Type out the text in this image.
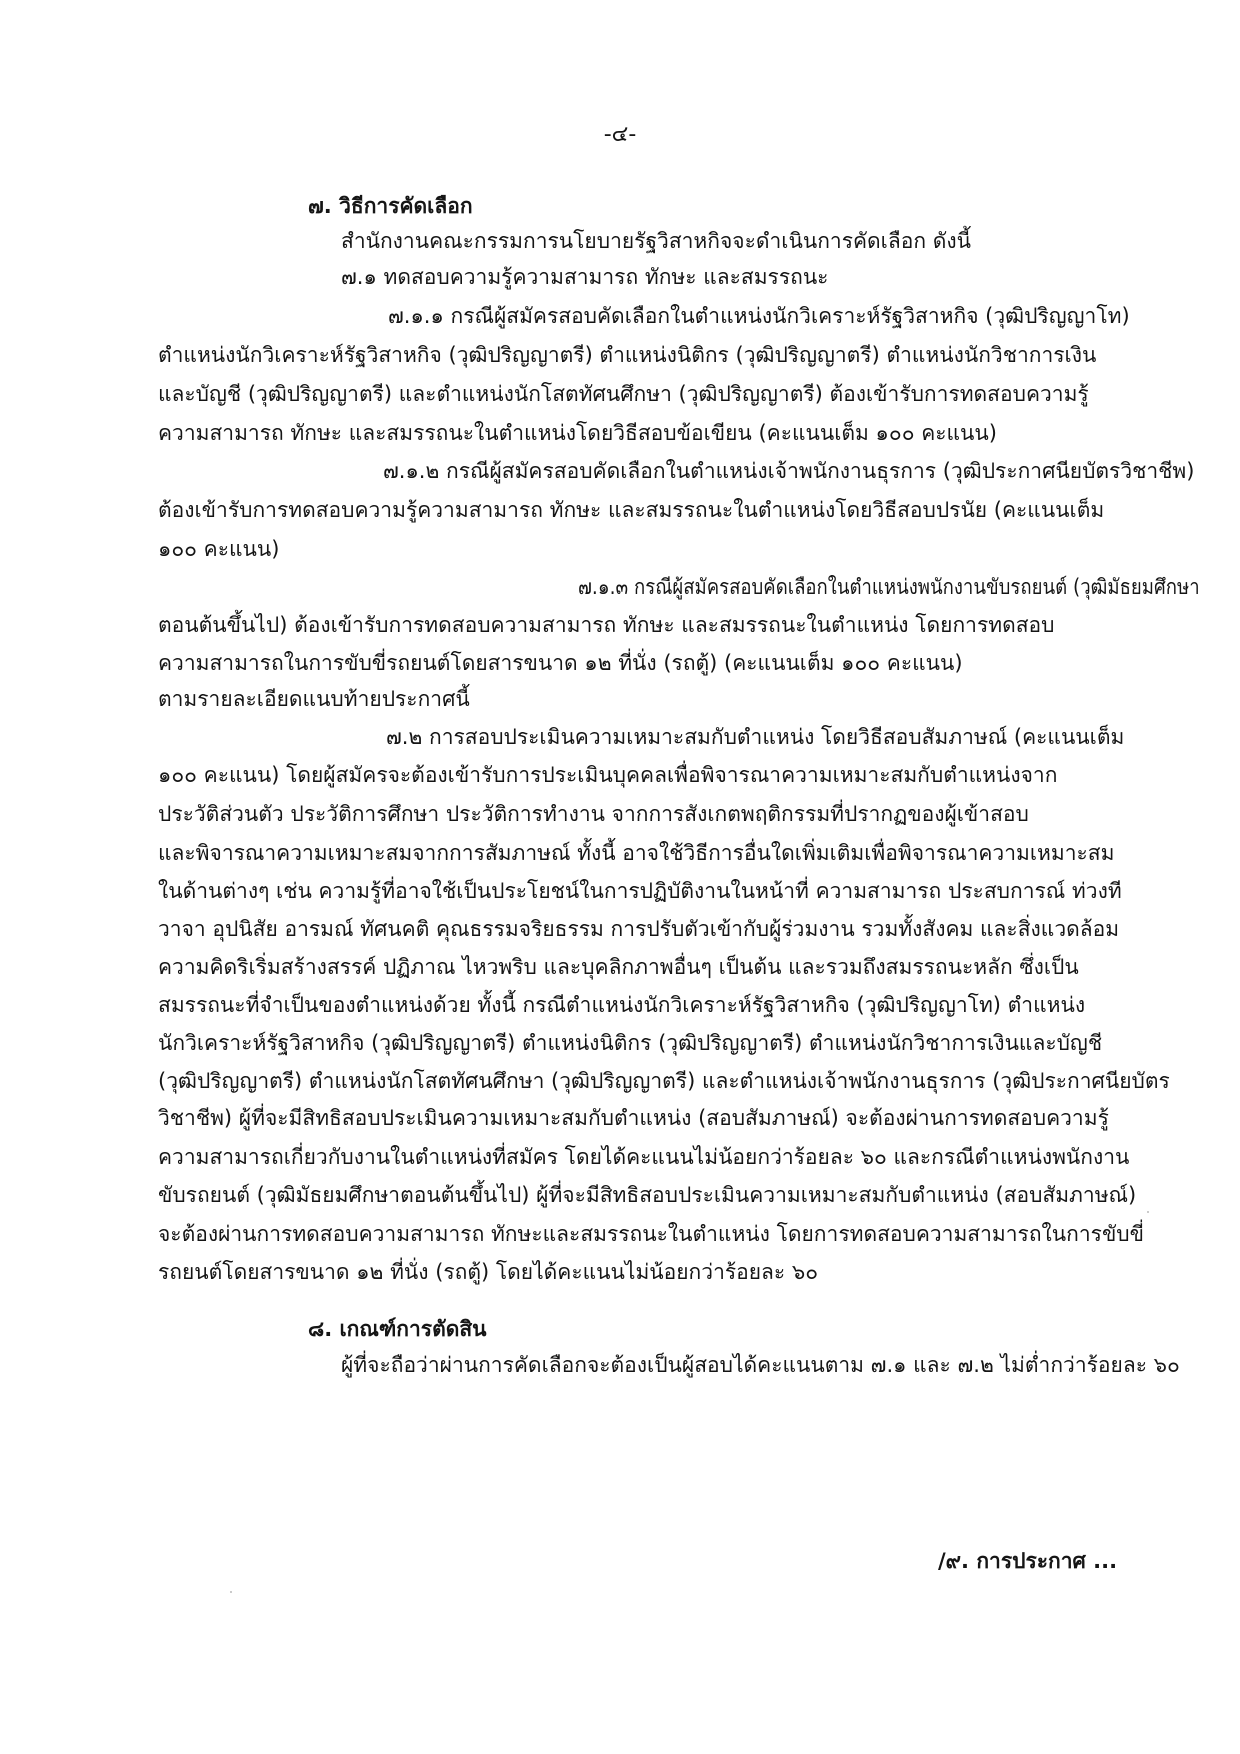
-๔-
๗. วิธีการคัดเลือก
สำนักงานคณะกรรมการนโยบายรัฐวิสาหกิจจะดำเนินการคัดเลือก ดังนี้
๗.๑ ทดสอบความรู้ความสามารถ ทักษะ และสมรรถนะ
๗.๑.๑ กรณีผู้สมัครสอบคัดเลือกในตำแหน่งนักวิเคราะห์รัฐวิสาหกิจ (วุฒิปริญญาโท)
ตำแหน่งนักวิเคราะห์รัฐวิสาหกิจ (วุฒิปริญญาตรี) ตำแหน่งนิติกร (วุฒิปริญญาตรี) ตำแหน่งนักวิชาการเงิน
และบัญชี (วุฒิปริญญาตรี) และตำแหน่งนักโสตทัศนศึกษา (วุฒิปริญญาตรี) ต้องเข้ารับการทดสอบความรู้
ความสามารถ ทักษะ และสมรรถนะในตำแหน่งโดยวิธีสอบข้อเขียน (คะแนนเต็ม ๑๐๐ คะแนน)
๗.๑.๒ กรณีผู้สมัครสอบคัดเลือกในตำแหน่งเจ้าพนักงานธุรการ (วุฒิประกาศนียบัตรวิชาชีพ)
ต้องเข้ารับการทดสอบความรู้ความสามารถ ทักษะ และสมรรถนะในตำแหน่งโดยวิธีสอบปรนัย (คะแนนเต็ม
๑๐๐ คะแนน)
๗.๑.๓ กรณีผู้สมัครสอบคัดเลือกในตำแหน่งพนักงานขับรถยนต์ (วุฒิมัธยมศึกษา
ตอนต้นขึ้นไป) ต้องเข้ารับการทดสอบความสามารถ ทักษะ และสมรรถนะในตำแหน่ง โดยการทดสอบ
ความสามารถในการขับขี่รถยนต์โดยสารขนาด ๑๒ ที่นั่ง (รถตู้) (คะแนนเต็ม ๑๐๐ คะแนน)
ตามรายละเอียดแนบท้ายประกาศนี้
๗.๒ การสอบประเมินความเหมาะสมกับตำแหน่ง โดยวิธีสอบสัมภาษณ์ (คะแนนเต็ม
๑๐๐ คะแนน) โดยผู้สมัครจะต้องเข้ารับการประเมินบุคคลเพื่อพิจารณาความเหมาะสมกับตำแหน่งจาก
ประวัติส่วนตัว ประวัติการศึกษา ประวัติการทำงาน จากการสังเกตพฤติกรรมที่ปรากฏของผู้เข้าสอบ
และพิจารณาความเหมาะสมจากการสัมภาษณ์ ทั้งนี้ อาจใช้วิธีการอื่นใดเพิ่มเติมเพื่อพิจารณาความเหมาะสม
ในด้านต่างๆ เช่น ความรู้ที่อาจใช้เป็นประโยชน์ในการปฏิบัติงานในหน้าที่ ความสามารถ ประสบการณ์ ท่วงที
วาจา อุปนิสัย อารมณ์ ทัศนคติ คุณธรรมจริยธรรม การปรับตัวเข้ากับผู้ร่วมงาน รวมทั้งสังคม และสิ่งแวดล้อม
ความคิดริเริ่มสร้างสรรค์ ปฏิภาณ ไหวพริบ และบุคลิกภาพอื่นๆ เป็นต้น และรวมถึงสมรรถนะหลัก ซึ่งเป็น
สมรรถนะที่จำเป็นของตำแหน่งด้วย ทั้งนี้ กรณีตำแหน่งนักวิเคราะห์รัฐวิสาหกิจ (วุฒิปริญญาโท) ตำแหน่ง
นักวิเคราะห์รัฐวิสาหกิจ (วุฒิปริญญาตรี) ตำแหน่งนิติกร (วุฒิปริญญาตรี) ตำแหน่งนักวิชาการเงินและบัญชี
(วุฒิปริญญาตรี) ตำแหน่งนักโสตทัศนศึกษา (วุฒิปริญญาตรี) และตำแหน่งเจ้าพนักงานธุรการ (วุฒิประกาศนียบัตร
วิชาชีพ) ผู้ที่จะมีสิทธิสอบประเมินความเหมาะสมกับตำแหน่ง (สอบสัมภาษณ์) จะต้องผ่านการทดสอบความรู้
ความสามารถเกี่ยวกับงานในตำแหน่งที่สมัคร โดยได้คะแนนไม่น้อยกว่าร้อยละ ๖๐ และกรณีตำแหน่งพนักงาน
ขับรถยนต์ (วุฒิมัธยมศึกษาตอนต้นขึ้นไป) ผู้ที่จะมีสิทธิสอบประเมินความเหมาะสมกับตำแหน่ง (สอบสัมภาษณ์)
จะต้องผ่านการทดสอบความสามารถ ทักษะและสมรรถนะในตำแหน่ง โดยการทดสอบความสามารถในการขับขี่
รถยนต์โดยสารขนาด ๑๒ ที่นั่ง (รถตู้) โดยได้คะแนนไม่น้อยกว่าร้อยละ ๖๐
๘. เกณฑ์การตัดสิน
ผู้ที่จะถือว่าผ่านการคัดเลือกจะต้องเป็นผู้สอบได้คะแนนตาม ๗.๑ และ ๗.๒ ไม่ต่ำกว่าร้อยละ ๖๐
/๙. การประกาศ ...
